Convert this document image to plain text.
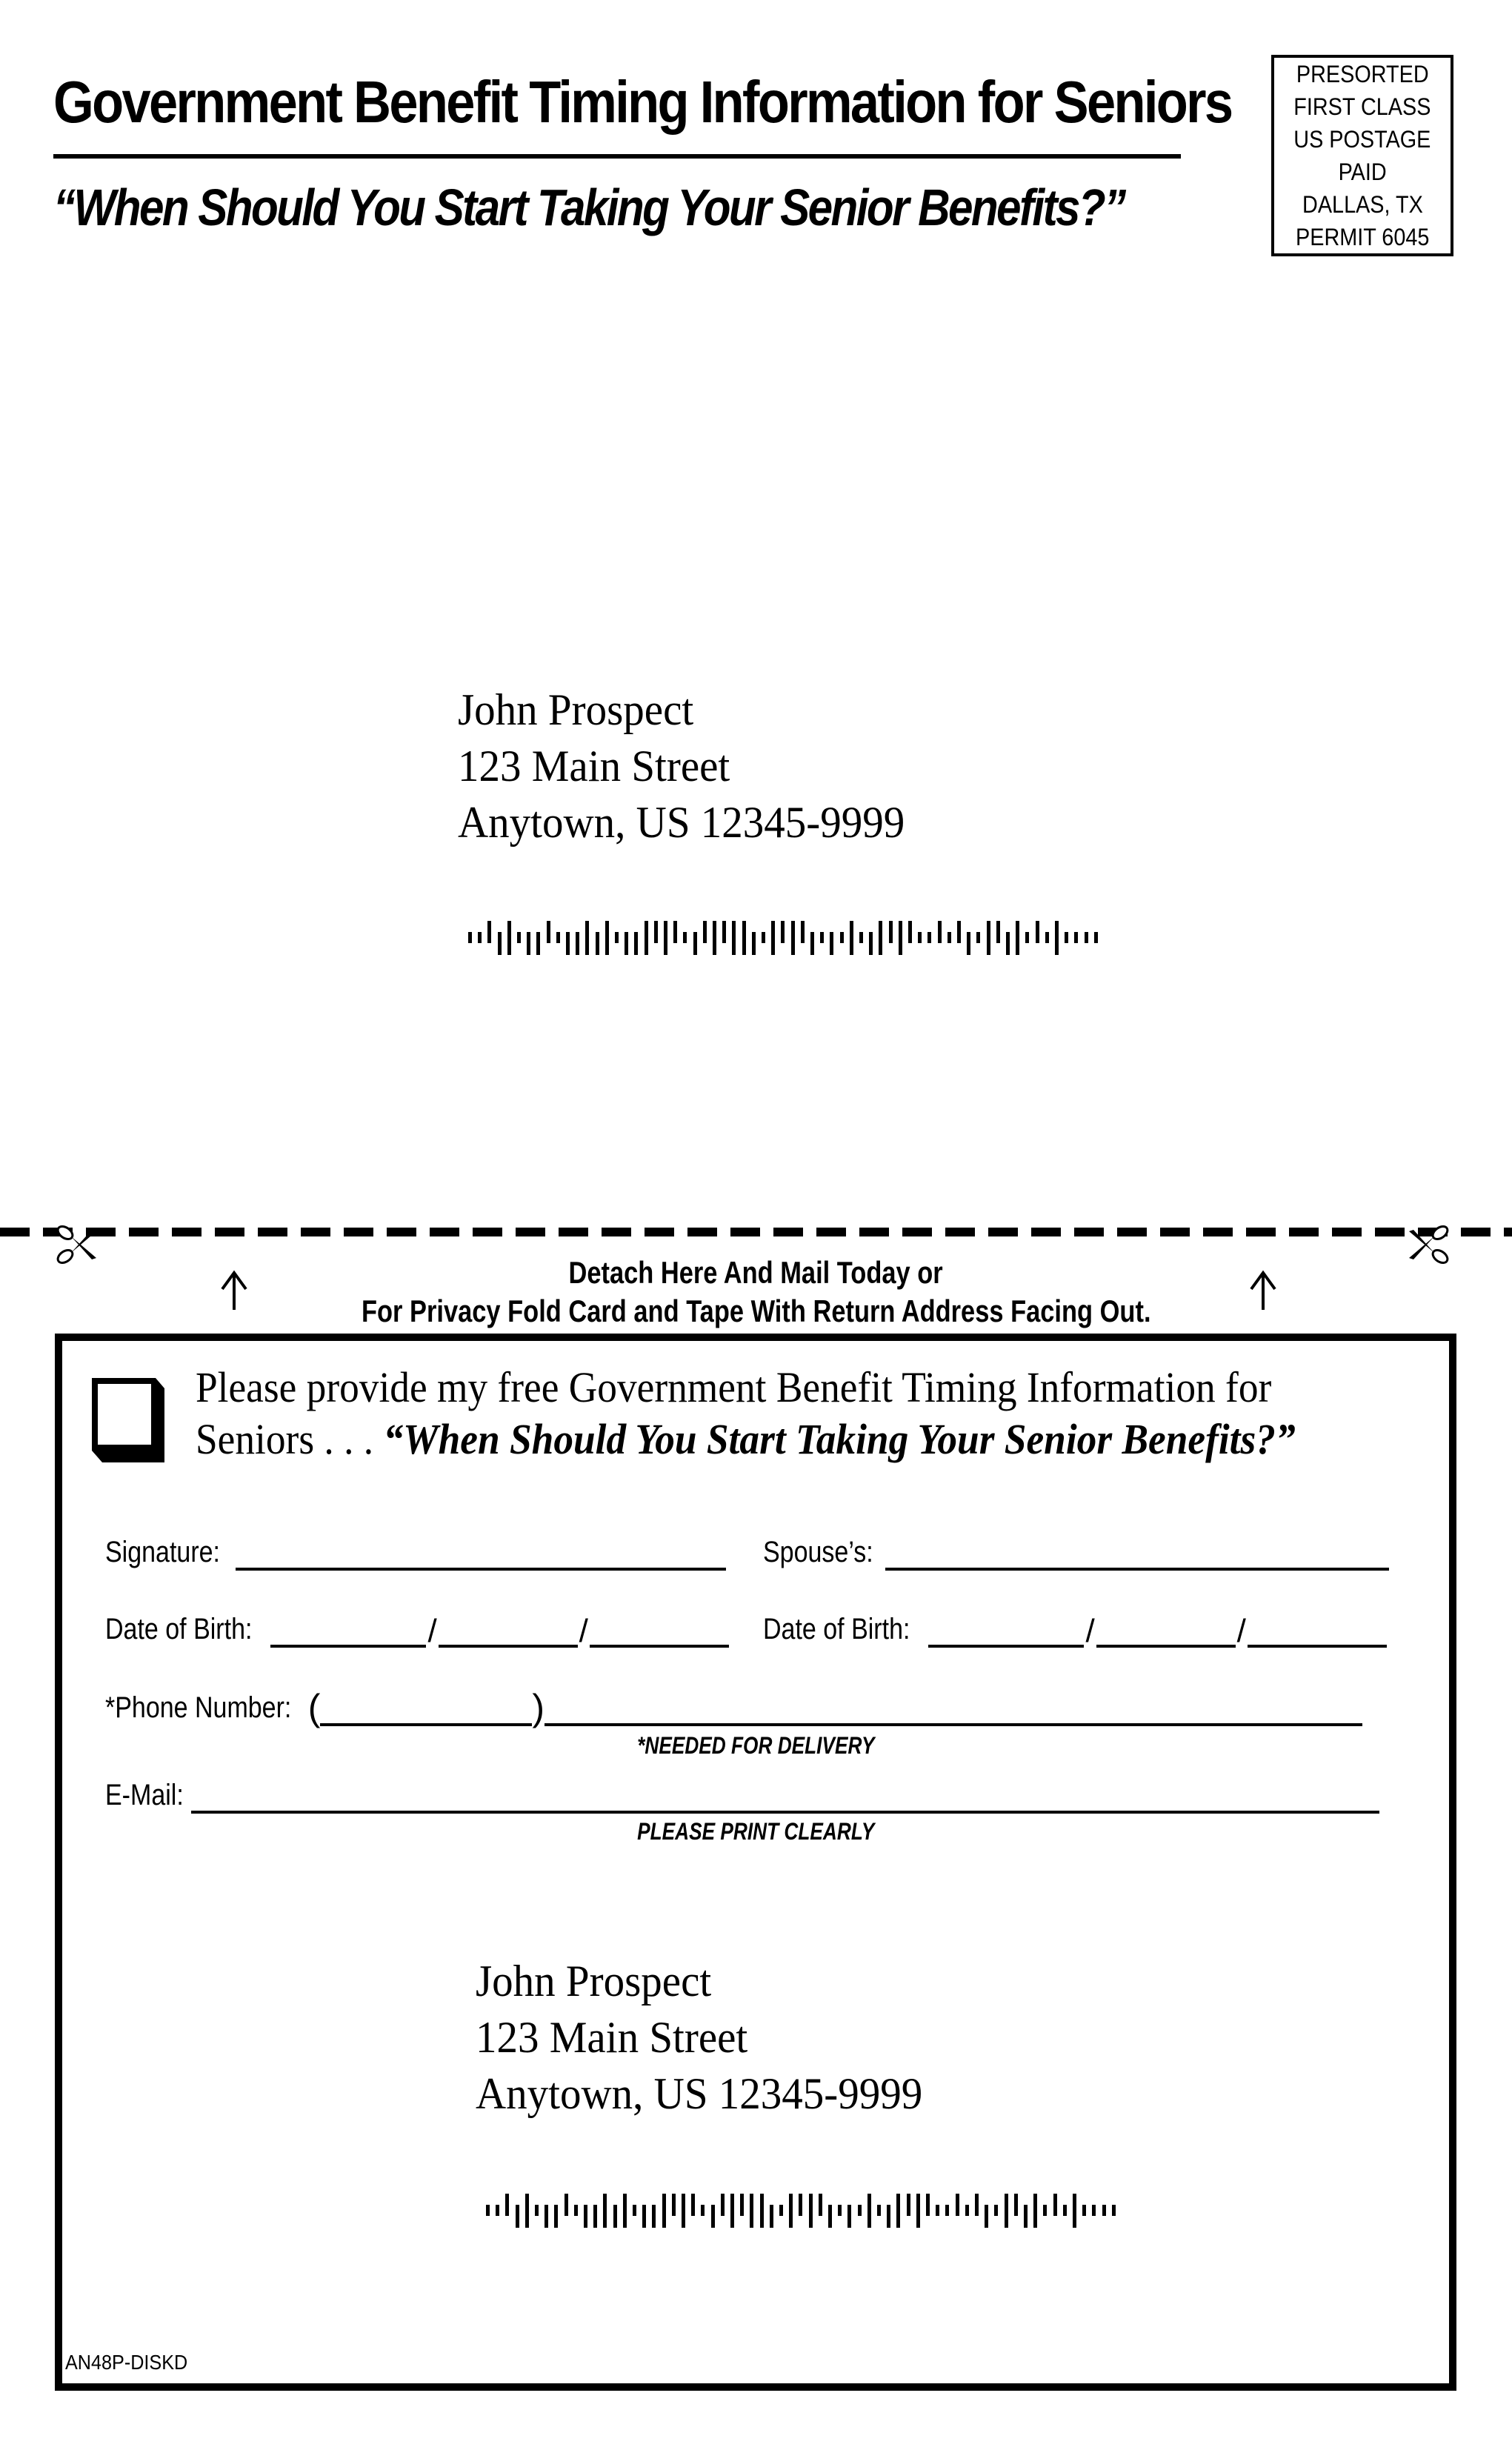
Government Benefit Timing Information for Seniors
“When Should You Start Taking Your Senior Benefits?”
PRESORTED
FIRST CLASS
US POSTAGE
PAID
DALLAS, TX
PERMIT 6045
John Prospect
123 Main Street
Anytown, US 12345-9999
Detach Here And Mail Today or
For Privacy Fold Card and Tape With Return Address Facing Out.
Please provide my free Government Benefit Timing Information for
Seniors . . . “When Should You Start Taking Your Senior Benefits?”
Signature:	Spouse’s:
Date of Birth:	/	/	Date of Birth:	/	/
*Phone Number: (	)
*NEEDED FOR DELIVERY
E-Mail:
PLEASE PRINT CLEARLY
John Prospect
123 Main Street
Anytown, US 12345-9999
AN48P-DISKD
